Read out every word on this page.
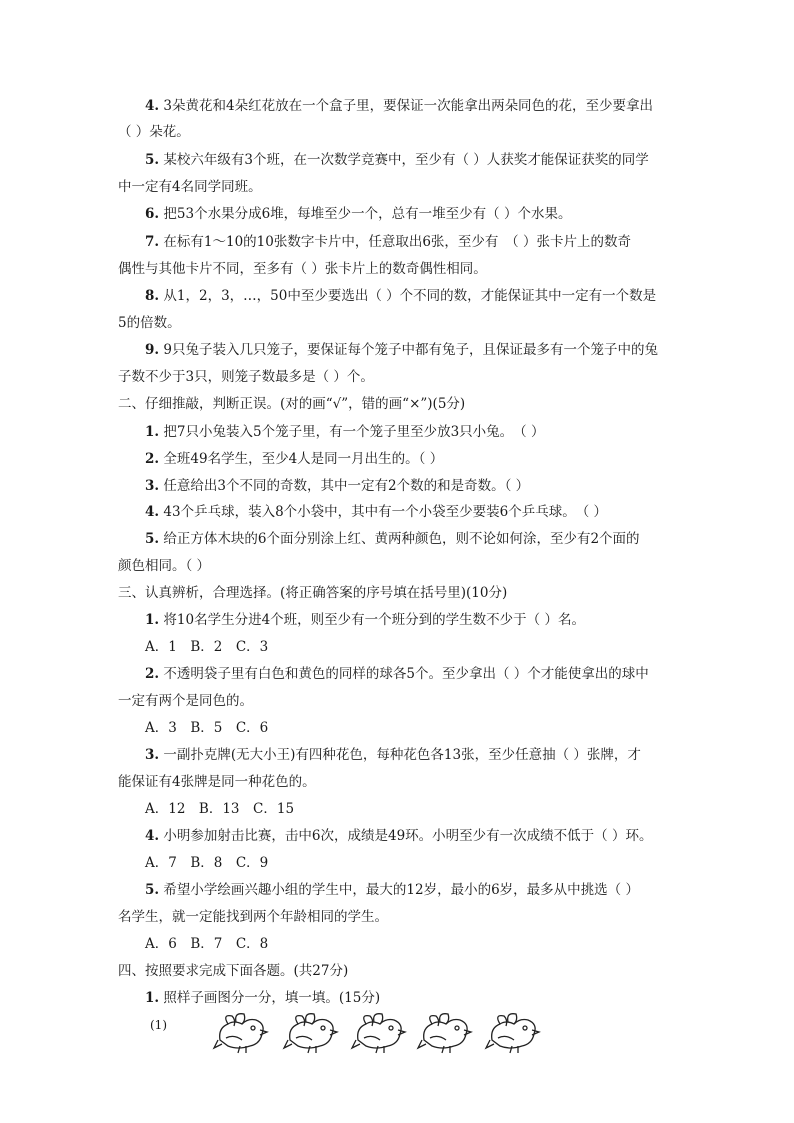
4. 3朵黄花和4朵红花放在一个盒子里，要保证一次能拿出两朵同色的花，至少要拿出
（ ）朵花。
5. 某校六年级有3个班，在一次数学竞赛中，至少有（ ）人获奖才能保证获奖的同学
中一定有4名同学同班。
6. 把53个水果分成6堆，每堆至少一个，总有一堆至少有（ ）个水果。
7. 在标有1～10的10张数字卡片中，任意取出6张，至少有　（ ）张卡片上的数奇
偶性与其他卡片不同，至多有（ ）张卡片上的数奇偶性相同。
8. 从1，2，3，…，50中至少要选出（ ）个不同的数，才能保证其中一定有一个数是
5的倍数。
9. 9只兔子装入几只笼子，要保证每个笼子中都有兔子，且保证最多有一个笼子中的兔
子数不少于3只，则笼子数最多是（ ）个。
二、仔细推敲，判断正误。(对的画“√”，错的画“×”)(5分)
1. 把7只小兔装入5个笼子里，有一个笼子里至少放3只小兔。　（ ）
2. 全班49名学生，至少4人是同一月出生的。（ ）
3. 任意给出3个不同的奇数，其中一定有2个数的和是奇数。（ ）
4. 43个乒乓球，装入8个小袋中，其中有一个小袋至少要装6个乒乓球。　（ ）
5. 给正方体木块的6个面分别涂上红、黄两种颜色，则不论如何涂，至少有2个面的
颜色相同。（ ）
三、认真辨析，合理选择。(将正确答案的序号填在括号里)(10分)
1. 将10名学生分进4个班，则至少有一个班分到的学生数不少于（ ）名。
A．1　B．2　C．3
2. 不透明袋子里有白色和黄色的同样的球各5个。至少拿出（ ）个才能使拿出的球中
一定有两个是同色的。
A．3　B．5　C．6
3. 一副扑克牌(无大小王)有四种花色，每种花色各13张，至少任意抽（ ）张牌，才
能保证有4张牌是同一种花色的。
A．12　B．13　C．15
4. 小明参加射击比赛，击中6次，成绩是49环。小明至少有一次成绩不低于（ ）环。
A．7　B．8　C．9
5. 希望小学绘画兴趣小组的学生中，最大的12岁，最小的6岁，最多从中挑选（ ）
名学生，就一定能找到两个年龄相同的学生。
A．6　B．7　C．8
四、按照要求完成下面各题。(共27分)
1. 照样子画图分一分，填一填。(15分)
(1)
